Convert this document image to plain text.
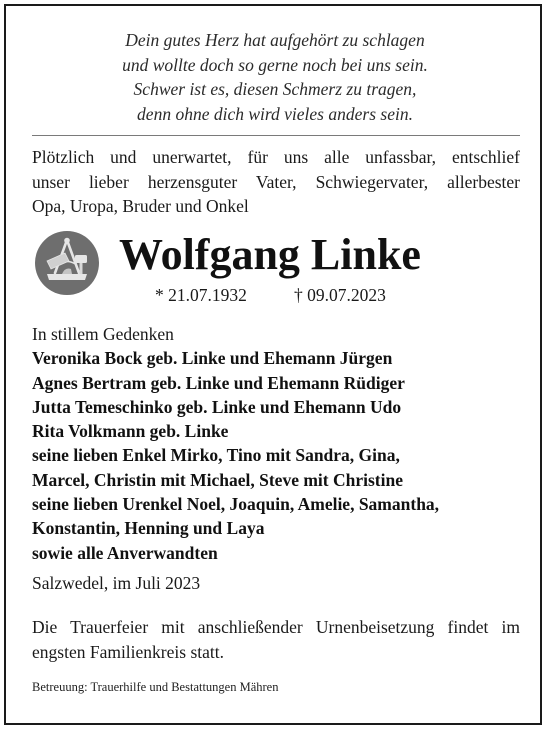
Dein gutes Herz hat aufgehört zu schlagen
und wollte doch so gerne noch bei uns sein.
Schwer ist es, diesen Schmerz zu tragen,
denn ohne dich wird vieles anders sein.
Plötzlich und unerwartet, für uns alle unfassbar, entschlief
unser lieber herzensguter Vater, Schwiegervater, allerbester
Opa, Uropa, Bruder und Onkel
Wolfgang Linke
* 21.07.1932	† 09.07.2023
In stillem Gedenken
Veronika Bock geb. Linke und Ehemann Jürgen
Agnes Bertram geb. Linke und Ehemann Rüdiger
Jutta Temeschinko geb. Linke und Ehemann Udo
Rita Volkmann geb. Linke
seine lieben Enkel Mirko, Tino mit Sandra, Gina,
Marcel, Christin mit Michael, Steve mit Christine
seine lieben Urenkel Noel, Joaquin, Amelie, Samantha,
Konstantin, Henning und Laya
sowie alle Anverwandten
Salzwedel, im Juli 2023
Die Trauerfeier mit anschließender Urnenbeisetzung findet im
engsten Familienkreis statt.
Betreuung: Trauerhilfe und Bestattungen Mähren
